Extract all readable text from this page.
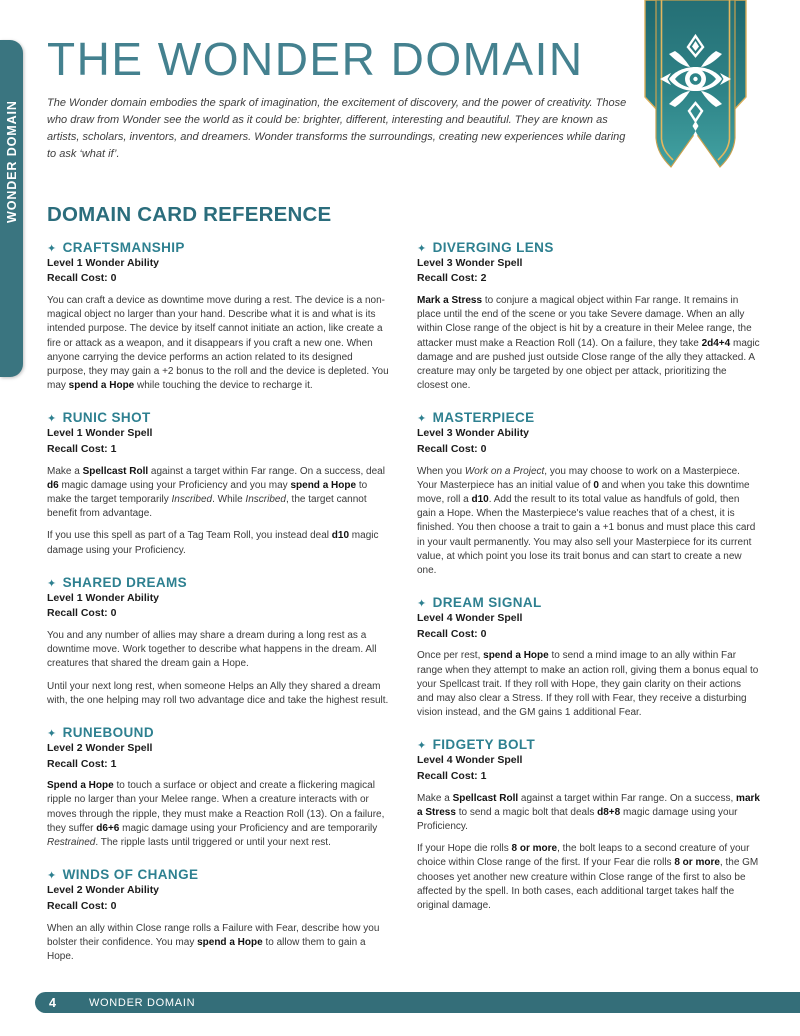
WONDER DOMAIN
THE WONDER DOMAIN

The Wonder domain embodies the spark of imagination, the excitement of discovery, and the power of creativity. Those who draw from Wonder see the world as it could be: brighter, different, interesting and beautiful. They are known as artists, scholars, inventors, and dreamers. Wonder transforms the surroundings, creating new experiences while daring to ask ‘what if’.

DOMAIN CARD REFERENCE
✦ CRAFTSMANSHIP

Level 1 Wonder Ability

Recall Cost: 0

You can craft a device as downtime move during a rest. The device is a non-magical object no larger than your hand. Describe what it is and what is its intended purpose. The device by itself cannot initiate an action, like create a fire or attack as a weapon, and it disappears if you craft a new one. When anyone carrying the device performs an action related to its designed purpose, they may gain a +2 bonus to the roll and the device is depleted. You may spend a Hope while touching the device to recharge it.

✦ RUNIC SHOT

Level 1 Wonder Spell

Recall Cost: 1

Make a Spellcast Roll against a target within Far range. On a success, deal d6 magic damage using your Proficiency and you may spend a Hope to make the target temporarily Inscribed. While Inscribed, the target cannot benefit from advantage.

If you use this spell as part of a Tag Team Roll, you instead deal d10 magic damage using your Proficiency.

✦ SHARED DREAMS

Level 1 Wonder Ability

Recall Cost: 0

You and any number of allies may share a dream during a long rest as a downtime move. Work together to describe what happens in the dream. All creatures that shared the dream gain a Hope.

Until your next long rest, when someone Helps an Ally they shared a dream with, the one helping may roll two advantage dice and take the highest result.

✦ RUNEBOUND

Level 2 Wonder Spell

Recall Cost: 1

Spend a Hope to touch a surface or object and create a flickering magical ripple no larger than your Melee range. When a creature interacts with or moves through the ripple, they must make a Reaction Roll (13). On a failure, they suffer d6+6 magic damage using your Proficiency and are temporarily Restrained. The ripple lasts until triggered or until your next rest.

✦ WINDS OF CHANGE

Level 2 Wonder Ability

Recall Cost: 0

When an ally within Close range rolls a Failure with Fear, describe how you bolster their confidence. You may spend a Hope to allow them to gain a Hope.

✦ DIVERGING LENS

Level 3 Wonder Spell

Recall Cost: 2

Mark a Stress to conjure a magical object within Far range. It remains in place until the end of the scene or you take Severe damage. When an ally within Close range of the object is hit by a creature in their Melee range, the attacker must make a Reaction Roll (14). On a failure, they take 2d4+4 magic damage and are pushed just outside Close range of the ally they attacked. A creature may only be targeted by one object per attack, prioritizing the closest one.

✦ MASTERPIECE

Level 3 Wonder Ability

Recall Cost: 0

When you Work on a Project, you may choose to work on a Masterpiece. Your Masterpiece has an initial value of 0 and when you take this downtime move, roll a d10. Add the result to its total value as handfuls of gold, then gain a Hope. When the Masterpiece's value reaches that of a chest, it is finished. You then choose a trait to gain a +1 bonus and must place this card in your vault permanently. You may also sell your Masterpiece for its current value, at which point you lose its trait bonus and can start to create a new one.

✦ DREAM SIGNAL

Level 4 Wonder Spell

Recall Cost: 0

Once per rest, spend a Hope to send a mind image to an ally within Far range when they attempt to make an action roll, giving them a bonus equal to your Spellcast trait. If they roll with Hope, they gain clarity on their actions and may also clear a Stress. If they roll with Fear, they receive a disturbing vision instead, and the GM gains 1 additional Fear.

✦ FIDGETY BOLT

Level 4 Wonder Spell

Recall Cost: 1

Make a Spellcast Roll against a target within Far range. On a success, mark a Stress to send a magic bolt that deals d8+8 magic damage using your Proficiency.

If your Hope die rolls 8 or more, the bolt leaps to a second creature of your choice within Close range of the first. If your Fear die rolls 8 or more, the GM chooses yet another new creature within Close range of the first to also be affected by the spell. In both cases, each additional target takes half the original damage.

4	WONDER DOMAIN
